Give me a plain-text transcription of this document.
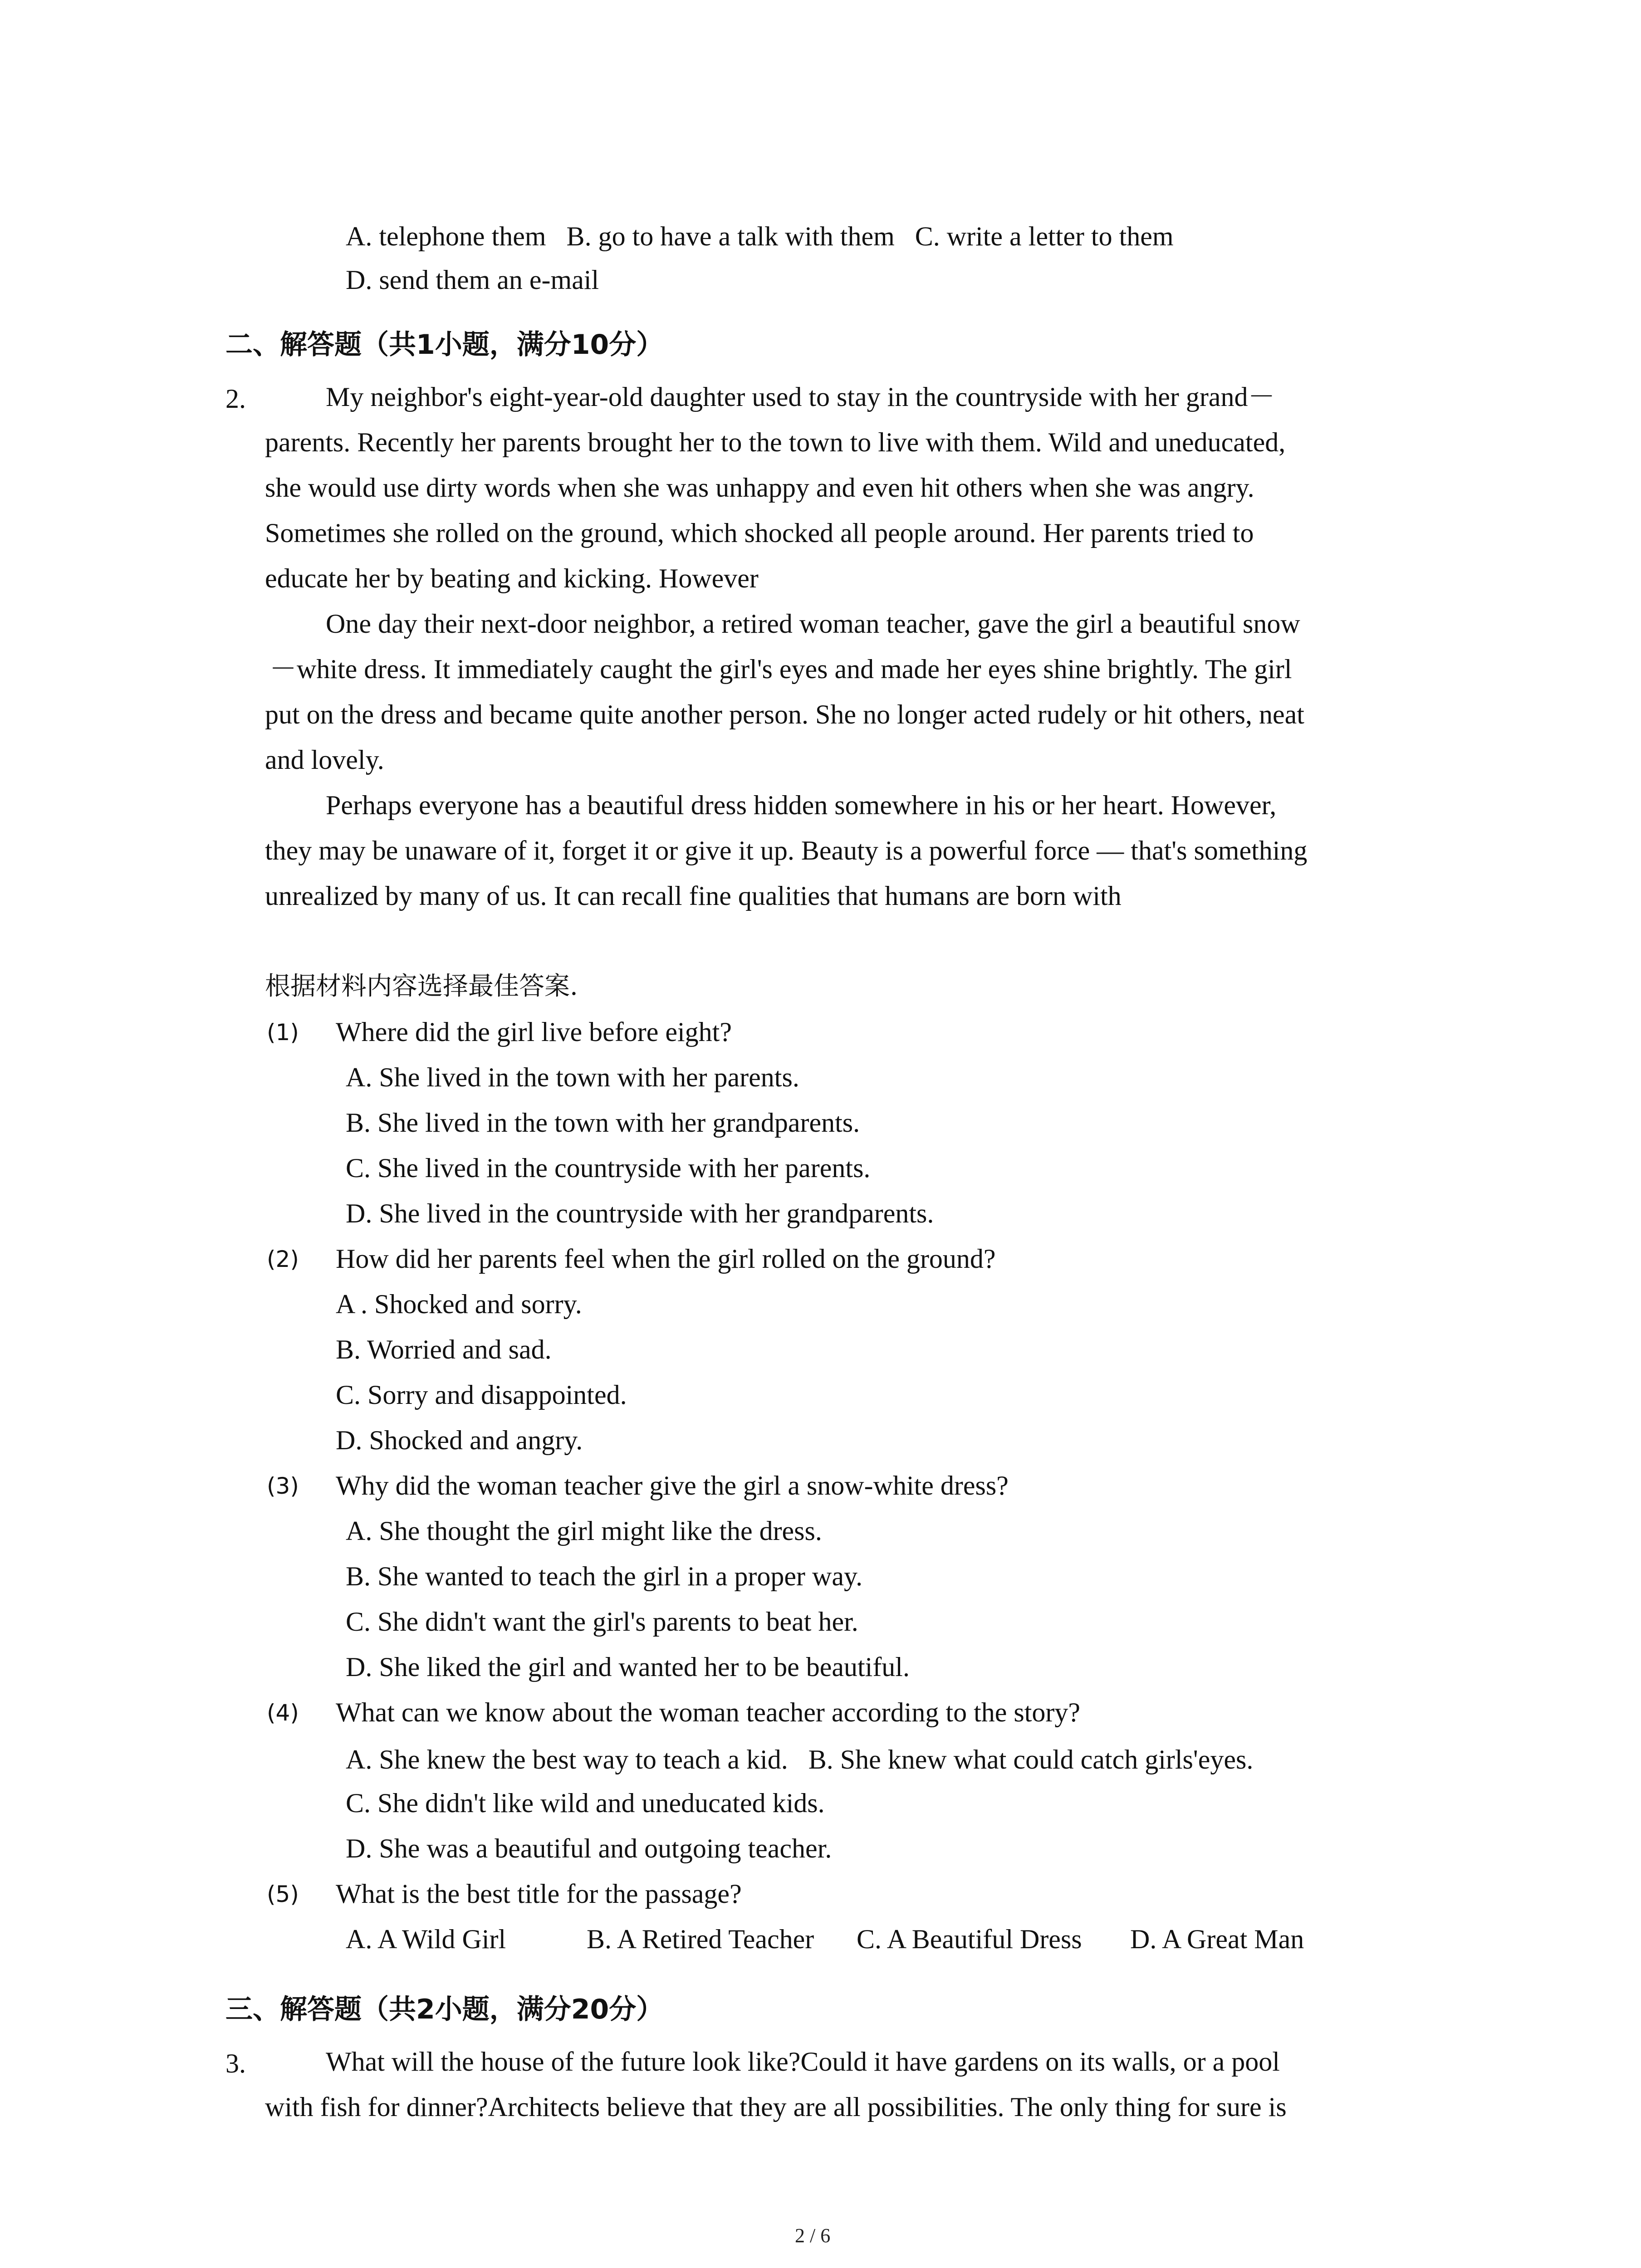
A. telephone them B. go to have a talk with them C. write a letter to them
D. send them an e-mail
二、解答题（共1小题，满分10分）
2.	My neighbor's eight-year-old daughter used to stay in the countryside with her grand－
parents. Recently her parents brought her to the town to live with them. Wild and uneducated,
she would use dirty words when she was unhappy and even hit others when she was angry.
Sometimes she rolled on the ground, which shocked all people around. Her parents tried to
educate her by beating and kicking. However
One day their next-door neighbor, a retired woman teacher, gave the girl a beautiful snow
－white dress. It immediately caught the girl's eyes and made her eyes shine brightly. The girl
put on the dress and became quite another person. She no longer acted rudely or hit others, neat
and lovely.
Perhaps everyone has a beautiful dress hidden somewhere in his or her heart. However,
they may be unaware of it, forget it or give it up. Beauty is a powerful force — that's something
unrealized by many of us. It can recall fine qualities that humans are born with
根据材料内容选择最佳答案.
(1) Where did the girl live before eight?
A. She lived in the town with her parents.
B. She lived in the town with her grandparents.
C. She lived in the countryside with her parents.
D. She lived in the countryside with her grandparents.
(2) How did her parents feel when the girl rolled on the ground?
A . Shocked and sorry.
B. Worried and sad.
C. Sorry and disappointed.
D. Shocked and angry.
(3) Why did the woman teacher give the girl a snow-white dress?
A. She thought the girl might like the dress.
B. She wanted to teach the girl in a proper way.
C. She didn't want the girl's parents to beat her.
D. She liked the girl and wanted her to be beautiful.
(4) What can we know about the woman teacher according to the story?
A. She knew the best way to teach a kid. B. She knew what could catch girls'eyes.
C. She didn't like wild and uneducated kids.
D. She was a beautiful and outgoing teacher.
(5) What is the best title for the passage?
A. A Wild Girl	B. A Retired Teacher C. A Beautiful Dress D. A Great Man
三、解答题（共2小题，满分20分）
3.	What will the house of the future look like?Could it have gardens on its walls, or a pool
with fish for dinner?Architects believe that they are all possibilities. The only thing for sure is
2 / 6
